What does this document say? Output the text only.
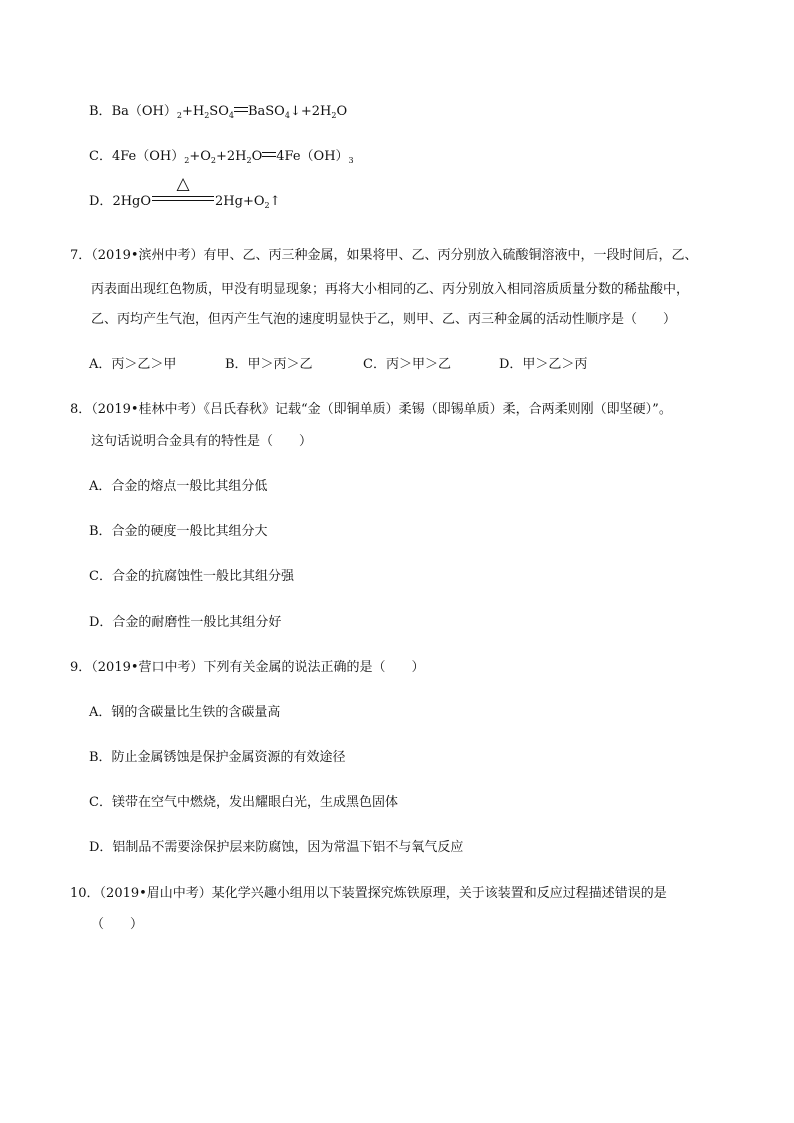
B．$Ba(OH)_2+H_2SO_4$ $BaSO_4↓+2H_2O$
C．$4Fe(OH)_2+O_2+2H_2O$ $4Fe(OH)_3$
D．2HgO
△
$2Hg+O_2↑$
7．（2019•滨州中考）有甲、乙、丙三种金属，如果将甲、乙、丙分别放入硫酸铜溶液中，一段时间后，乙、
丙表面出现红色物质，甲没有明显现象；再将大小相同的乙、丙分别放入相同溶质质量分数的稀盐酸中，
乙、丙均产生气泡，但丙产生气泡的速度明显快于乙，则甲、乙、丙三种金属的活动性顺序是（　　）
A．丙＞乙＞甲	B．甲＞丙＞乙	C．丙＞甲＞乙	D．甲＞乙＞丙
8．（2019•桂林中考）《吕氏春秋》记载“金（即铜单质）柔锡（即锡单质）柔，合两柔则刚（即坚硬）”。
这句话说明合金具有的特性是（　　）
A．合金的熔点一般比其组分低
B．合金的硬度一般比其组分大
C．合金的抗腐蚀性一般比其组分强
D．合金的耐磨性一般比其组分好
9．（2019•营口中考）下列有关金属的说法正确的是（　　）
A．钢的含碳量比生铁的含碳量高
B．防止金属锈蚀是保护金属资源的有效途径
C．镁带在空气中燃烧，发出耀眼白光，生成黑色固体
D．铝制品不需要涂保护层来防腐蚀，因为常温下铝不与氧气反应
10．（2019•眉山中考）某化学兴趣小组用以下装置探究炼铁原理，关于该装置和反应过程描述错误的是
（　　）
